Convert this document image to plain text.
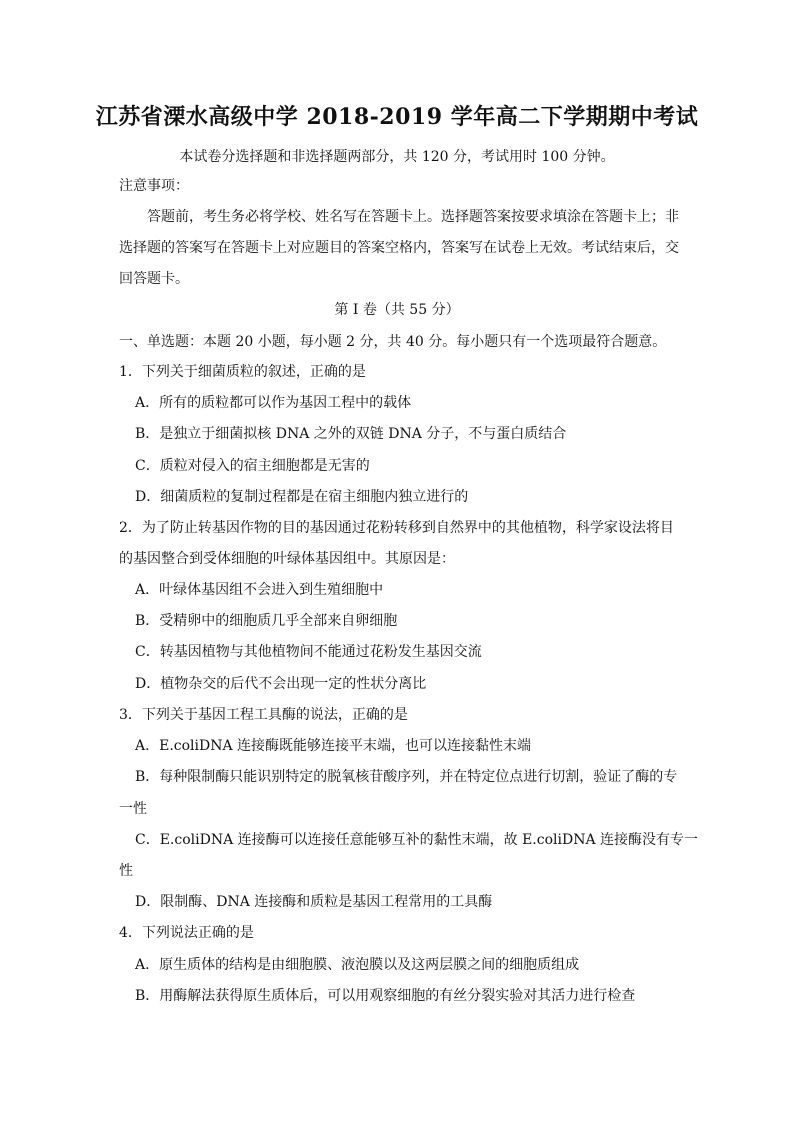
江苏省溧水高级中学 2018-2019 学年高二下学期期中考试
本试卷分选择题和非选择题两部分，共 120 分，考试用时 100 分钟。
注意事项：
答题前，考生务必将学校、姓名写在答题卡上。选择题答案按要求填涂在答题卡上；非
选择题的答案写在答题卡上对应题目的答案空格内，答案写在试卷上无效。考试结束后，交
回答题卡。
第 I 卷（共 55 分）
一、单选题：本题 20 小题，每小题 2 分，共 40 分。每小题只有一个选项最符合题意。
1．下列关于细菌质粒的叙述，正确的是
A．所有的质粒都可以作为基因工程中的载体
B．是独立于细菌拟核 DNA 之外的双链 DNA 分子，不与蛋白质结合
C．质粒对侵入的宿主细胞都是无害的
D．细菌质粒的复制过程都是在宿主细胞内独立进行的
2．为了防止转基因作物的目的基因通过花粉转移到自然界中的其他植物，科学家设法将目
的基因整合到受体细胞的叶绿体基因组中。其原因是：
A．叶绿体基因组不会进入到生殖细胞中
B．受精卵中的细胞质几乎全部来自卵细胞
C．转基因植物与其他植物间不能通过花粉发生基因交流
D．植物杂交的后代不会出现一定的性状分离比
3．下列关于基因工程工具酶的说法，正确的是
A．E.coliDNA 连接酶既能够连接平末端，也可以连接黏性末端
B．每种限制酶只能识别特定的脱氧核苷酸序列，并在特定位点进行切割，验证了酶的专
一性
C．E.coliDNA 连接酶可以连接任意能够互补的黏性末端，故 E.coliDNA 连接酶没有专一
性
D．限制酶、DNA 连接酶和质粒是基因工程常用的工具酶
4．下列说法正确的是
A．原生质体的结构是由细胞膜、液泡膜以及这两层膜之间的细胞质组成
B．用酶解法获得原生质体后，可以用观察细胞的有丝分裂实验对其活力进行检查
